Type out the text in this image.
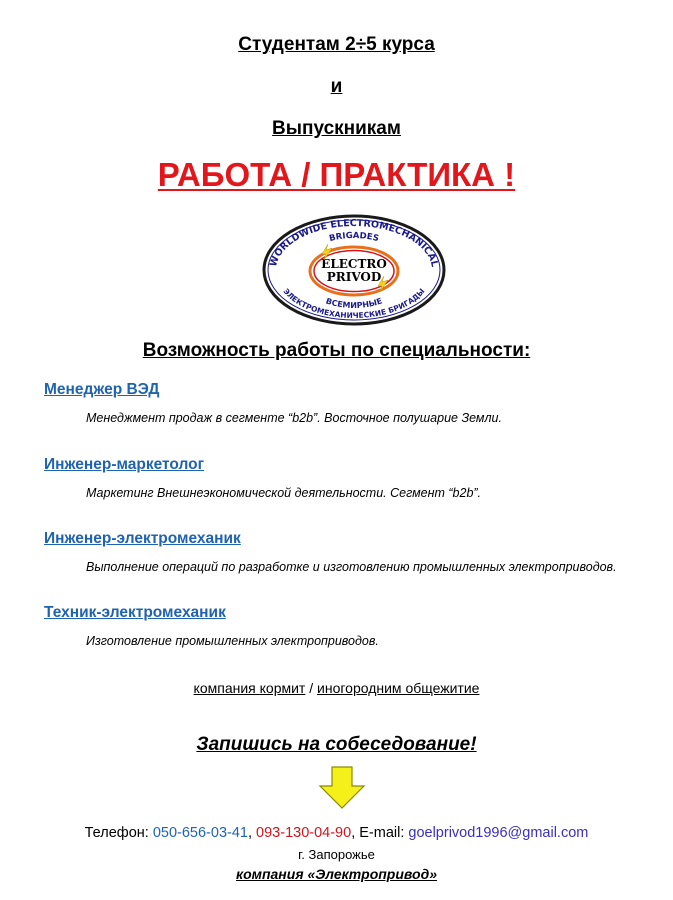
Студентам 2÷5 курса
и
Выпускникам
РАБОТА / ПРАКТИКА !
WORLDWIDE ELECTROMECHANICAL
BRIGADES
ELECTRO
PRIVOD
ВСЕМИРНЫЕ
ЭЛЕКТРОМЕХАНИЧЕСКИЕ БРИГАДЫ
Возможность работы по специальности:
Менеджер ВЭД
Менеджмент продаж в сегменте “b2b”. Восточное полушарие Земли.
Инженер-маркетолог
Маркетинг Внешнеэкономической деятельности. Сегмент “b2b”.
Инженер-электромеханик
Выполнение операций по разработке и изготовлению промышленных электроприводов.
Техник-электромеханик
Изготовление промышленных электроприводов.
компания кормит / иногородним общежитие
Запишись на собеседование!
Телефон: 050-656-03-41, 093-130-04-90, E-mail: goelprivod1996@gmail.com
г. Запорожье
компания «Электропривод»
